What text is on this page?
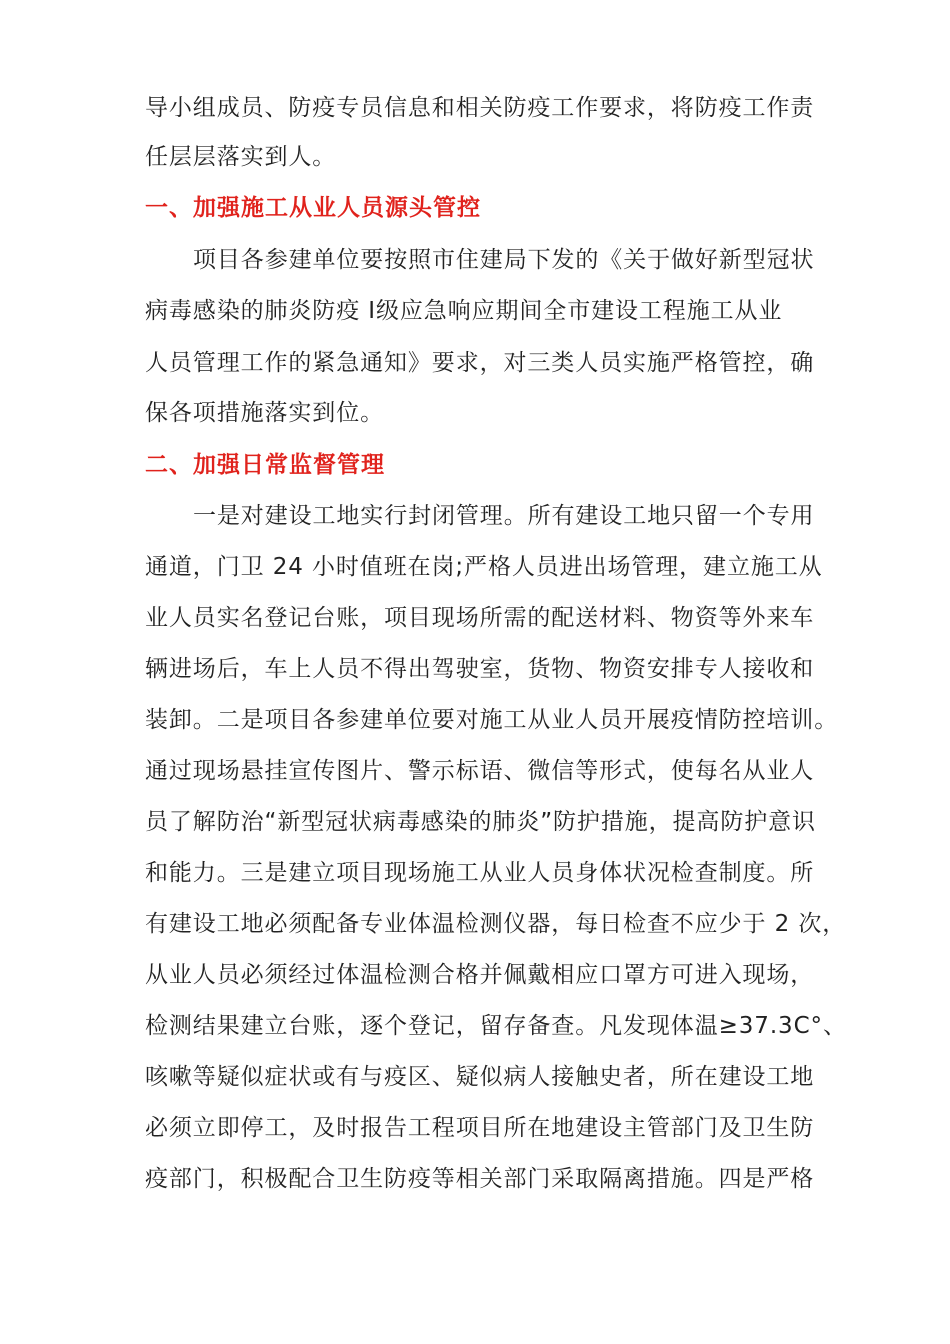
导小组成员、防疫专员信息和相关防疫工作要求，将防疫工作责
任层层落实到人。
一、加强施工从业人员源头管控
项目各参建单位要按照市住建局下发的《关于做好新型冠状
病毒感染的肺炎防疫 Ⅰ级应急响应期间全市建设工程施工从业
人员管理工作的紧急通知》要求，对三类人员实施严格管控，确
保各项措施落实到位。
二、加强日常监督管理
一是对建设工地实行封闭管理。所有建设工地只留一个专用
通道，门卫 24 小时值班在岗;严格人员进出场管理，建立施工从
业人员实名登记台账，项目现场所需的配送材料、物资等外来车
辆进场后，车上人员不得出驾驶室，货物、物资安排专人接收和
装卸。二是项目各参建单位要对施工从业人员开展疫情防控培训。
通过现场悬挂宣传图片、警示标语、微信等形式，使每名从业人
员了解防治“新型冠状病毒感染的肺炎”防护措施，提高防护意识
和能力。三是建立项目现场施工从业人员身体状况检查制度。所
有建设工地必须配备专业体温检测仪器，每日检查不应少于 2 次，
从业人员必须经过体温检测合格并佩戴相应口罩方可进入现场，
检测结果建立台账，逐个登记，留存备查。凡发现体温≥37.3C°、
咳嗽等疑似症状或有与疫区、疑似病人接触史者，所在建设工地
必须立即停工，及时报告工程项目所在地建设主管部门及卫生防
疫部门，积极配合卫生防疫等相关部门采取隔离措施。四是严格
